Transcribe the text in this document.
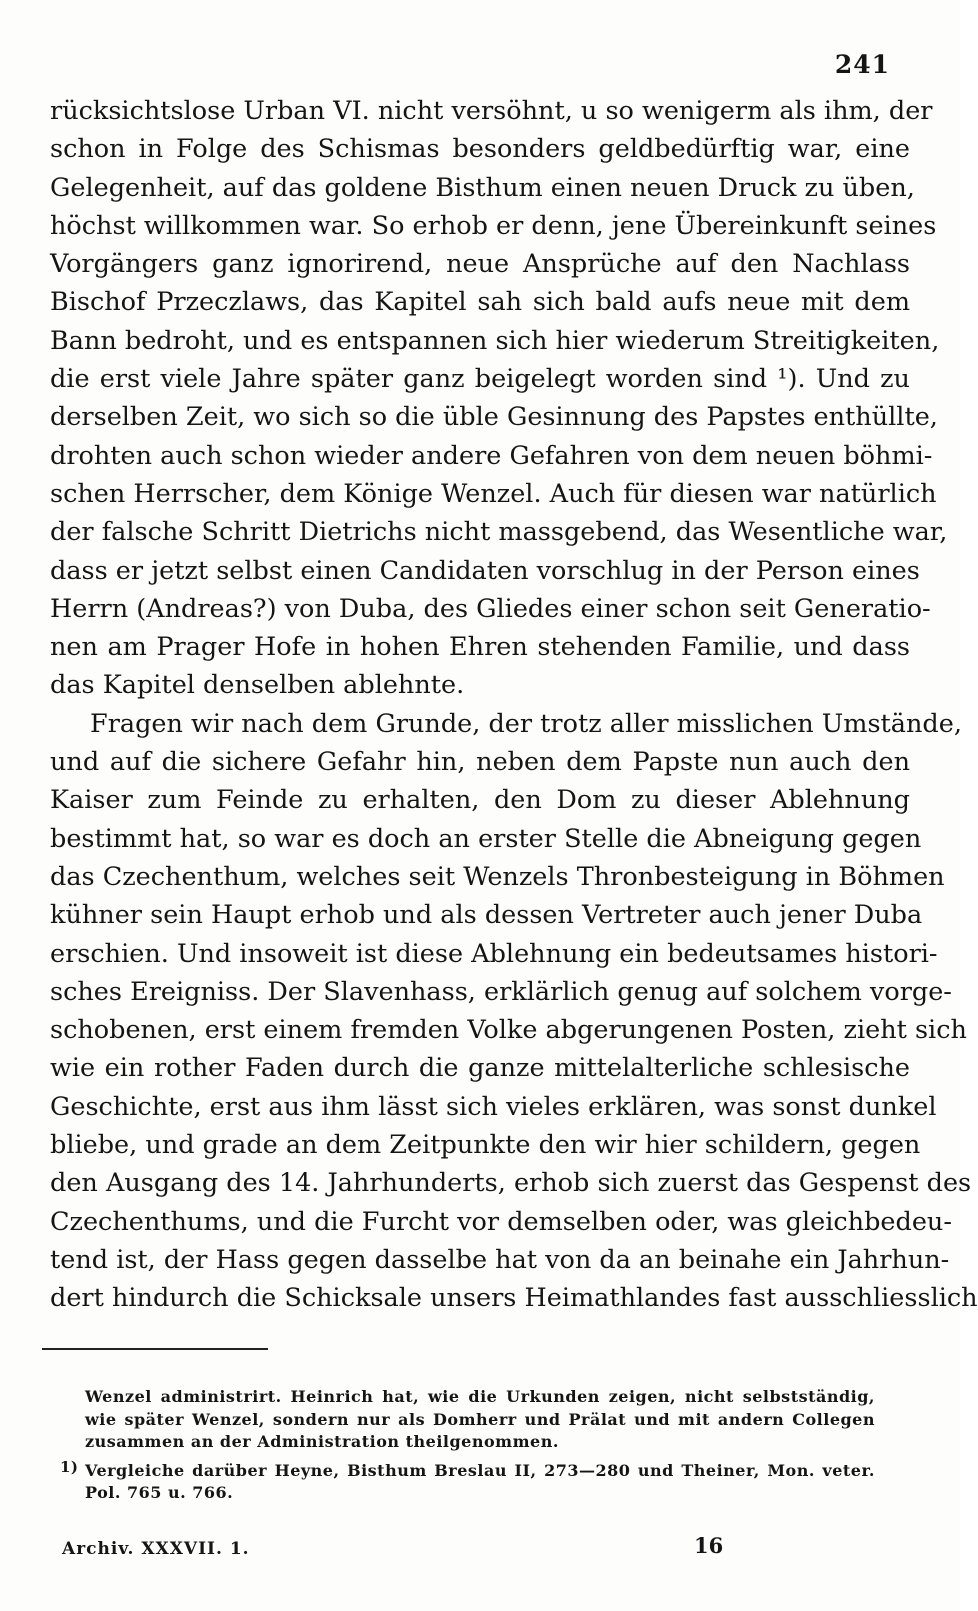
241
rücksichtslose Urban VI. nicht versöhnt, u so wenigerm als ihm, der
schon in Folge des Schismas besonders geldbedürftig war, eine
Gelegenheit, auf das goldene Bisthum einen neuen Druck zu üben,
höchst willkommen war. So erhob er denn, jene Übereinkunft seines
Vorgängers ganz ignorirend, neue Ansprüche auf den Nachlass
Bischof Przeczlaws, das Kapitel sah sich bald aufs neue mit dem
Bann bedroht, und es entspannen sich hier wiederum Streitigkeiten,
die erst viele Jahre später ganz beigelegt worden sind ¹). Und zu
derselben Zeit, wo sich so die üble Gesinnung des Papstes enthüllte,
drohten auch schon wieder andere Gefahren von dem neuen böhmi-
schen Herrscher, dem Könige Wenzel. Auch für diesen war natürlich
der falsche Schritt Dietrichs nicht massgebend, das Wesentliche war,
dass er jetzt selbst einen Candidaten vorschlug in der Person eines
Herrn (Andreas?) von Duba, des Gliedes einer schon seit Generatio-
nen am Prager Hofe in hohen Ehren stehenden Familie, und dass
das Kapitel denselben ablehnte.
Fragen wir nach dem Grunde, der trotz aller misslichen Umstände,
und auf die sichere Gefahr hin, neben dem Papste nun auch den
Kaiser zum Feinde zu erhalten, den Dom zu dieser Ablehnung
bestimmt hat, so war es doch an erster Stelle die Abneigung gegen
das Czechenthum, welches seit Wenzels Thronbesteigung in Böhmen
kühner sein Haupt erhob und als dessen Vertreter auch jener Duba
erschien. Und insoweit ist diese Ablehnung ein bedeutsames histori-
sches Ereigniss. Der Slavenhass, erklärlich genug auf solchem vorge-
schobenen, erst einem fremden Volke abgerungenen Posten, zieht sich
wie ein rother Faden durch die ganze mittelalterliche schlesische
Geschichte, erst aus ihm lässt sich vieles erklären, was sonst dunkel
bliebe, und grade an dem Zeitpunkte den wir hier schildern, gegen
den Ausgang des 14. Jahrhunderts, erhob sich zuerst das Gespenst des
Czechenthums, und die Furcht vor demselben oder, was gleichbedeu-
tend ist, der Hass gegen dasselbe hat von da an beinahe ein Jahrhun-
dert hindurch die Schicksale unsers Heimathlandes fast ausschliesslich
Wenzel administrirt. Heinrich hat, wie die Urkunden zeigen, nicht selbstständig,
wie später Wenzel, sondern nur als Domherr und Prälat und mit andern Collegen
zusammen an der Administration theilgenommen.
1) Vergleiche darüber Heyne, Bisthum Breslau II, 273—280 und Theiner, Mon. veter.
Pol. 765 u. 766.
Archiv. XXXVII. 1.	16
